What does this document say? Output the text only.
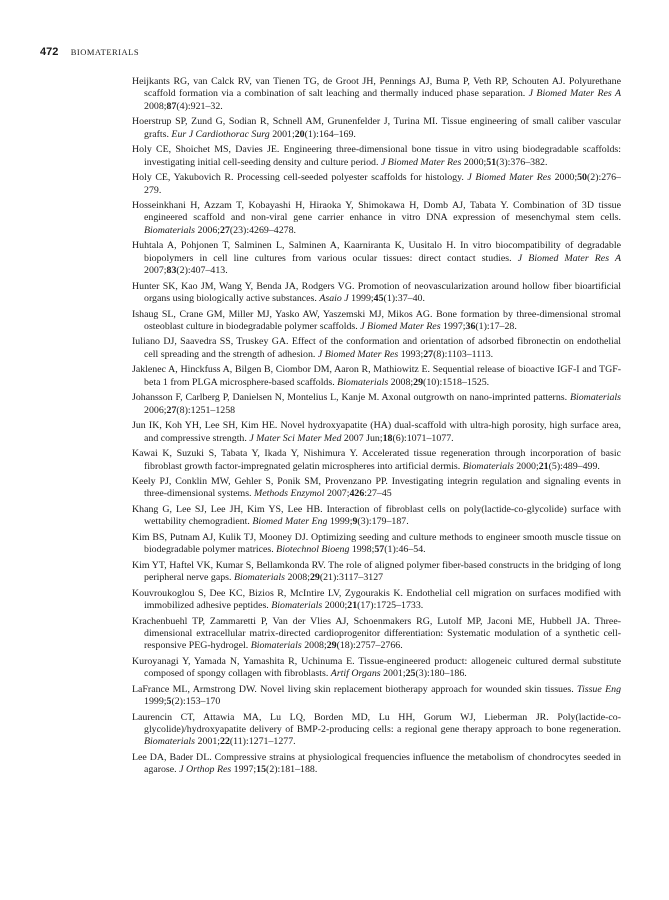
472 BIOMATERIALS

Heijkants RG, van Calck RV, van Tienen TG, de Groot JH, Pennings AJ, Buma P, Veth RP, Schouten AJ. Polyurethane scaffold formation via a combination of salt leaching and thermally induced phase separation. J Biomed Mater Res A 2008;87(4):921–32.

Hoerstrup SP, Zund G, Sodian R, Schnell AM, Grunenfelder J, Turina MI. Tissue engineering of small caliber vascular grafts. Eur J Cardiothorac Surg 2001;20(1):164–169.

Holy CE, Shoichet MS, Davies JE. Engineering three-dimensional bone tissue in vitro using biodegradable scaffolds: investigating initial cell-seeding density and culture period. J Biomed Mater Res 2000;51(3):376–382.

Holy CE, Yakubovich R. Processing cell-seeded polyester scaffolds for histology. J Biomed Mater Res 2000;50(2):276–279.

Hosseinkhani H, Azzam T, Kobayashi H, Hiraoka Y, Shimokawa H, Domb AJ, Tabata Y. Combination of 3D tissue engineered scaffold and non-viral gene carrier enhance in vitro DNA expression of mesenchymal stem cells. Biomaterials 2006;27(23):4269–4278.

Huhtala A, Pohjonen T, Salminen L, Salminen A, Kaarniranta K, Uusitalo H. In vitro biocompatibility of degradable biopolymers in cell line cultures from various ocular tissues: direct contact studies. J Biomed Mater Res A 2007;83(2):407–413.

Hunter SK, Kao JM, Wang Y, Benda JA, Rodgers VG. Promotion of neovascularization around hollow fiber bioartificial organs using biologically active substances. Asaio J 1999;45(1):37–40.

Ishaug SL, Crane GM, Miller MJ, Yasko AW, Yaszemski MJ, Mikos AG. Bone formation by three-dimensional stromal osteoblast culture in biodegradable polymer scaffolds. J Biomed Mater Res 1997;36(1):17–28.

Iuliano DJ, Saavedra SS, Truskey GA. Effect of the conformation and orientation of adsorbed fibronectin on endothelial cell spreading and the strength of adhesion. J Biomed Mater Res 1993;27(8):1103–1113.

Jaklenec A, Hinckfuss A, Bilgen B, Ciombor DM, Aaron R, Mathiowitz E. Sequential release of bioactive IGF-I and TGF-beta 1 from PLGA microsphere-based scaffolds. Biomaterials 2008;29(10):1518–1525.

Johansson F, Carlberg P, Danielsen N, Montelius L, Kanje M. Axonal outgrowth on nano-imprinted patterns. Biomaterials 2006;27(8):1251–1258

Jun IK, Koh YH, Lee SH, Kim HE. Novel hydroxyapatite (HA) dual-scaffold with ultra-high porosity, high surface area, and compressive strength. J Mater Sci Mater Med 2007 Jun;18(6):1071–1077.

Kawai K, Suzuki S, Tabata Y, Ikada Y, Nishimura Y. Accelerated tissue regeneration through incorporation of basic fibroblast growth factor-impregnated gelatin microspheres into artificial dermis. Biomaterials 2000;21(5):489–499.

Keely PJ, Conklin MW, Gehler S, Ponik SM, Provenzano PP. Investigating integrin regulation and signaling events in three-dimensional systems. Methods Enzymol 2007;426:27–45

Khang G, Lee SJ, Lee JH, Kim YS, Lee HB. Interaction of fibroblast cells on poly(lactide-co-glycolide) surface with wettability chemogradient. Biomed Mater Eng 1999;9(3):179–187.

Kim BS, Putnam AJ, Kulik TJ, Mooney DJ. Optimizing seeding and culture methods to engineer smooth muscle tissue on biodegradable polymer matrices. Biotechnol Bioeng 1998;57(1):46–54.

Kim YT, Haftel VK, Kumar S, Bellamkonda RV. The role of aligned polymer fiber-based constructs in the bridging of long peripheral nerve gaps. Biomaterials 2008;29(21):3117–3127

Kouvroukoglou S, Dee KC, Bizios R, McIntire LV, Zygourakis K. Endothelial cell migration on surfaces modified with immobilized adhesive peptides. Biomaterials 2000;21(17):1725–1733.

Krachenbuehl TP, Zammaretti P, Van der Vlies AJ, Schoenmakers RG, Lutolf MP, Jaconi ME, Hubbell JA. Three-dimensional extracellular matrix-directed cardioprogenitor differentiation: Systematic modulation of a synthetic cell-responsive PEG-hydrogel. Biomaterials 2008;29(18):2757–2766.

Kuroyanagi Y, Yamada N, Yamashita R, Uchinuma E. Tissue-engineered product: allogeneic cultured dermal substitute composed of spongy collagen with fibroblasts. Artif Organs 2001;25(3):180–186.

LaFrance ML, Armstrong DW. Novel living skin replacement biotherapy approach for wounded skin tissues. Tissue Eng 1999;5(2):153–170

Laurencin CT, Attawia MA, Lu LQ, Borden MD, Lu HH, Gorum WJ, Lieberman JR. Poly(lactide-co-glycolide)/hydroxyapatite delivery of BMP-2-producing cells: a regional gene therapy approach to bone regeneration. Biomaterials 2001;22(11):1271–1277.

Lee DA, Bader DL. Compressive strains at physiological frequencies influence the metabolism of chondrocytes seeded in agarose. J Orthop Res 1997;15(2):181–188.
